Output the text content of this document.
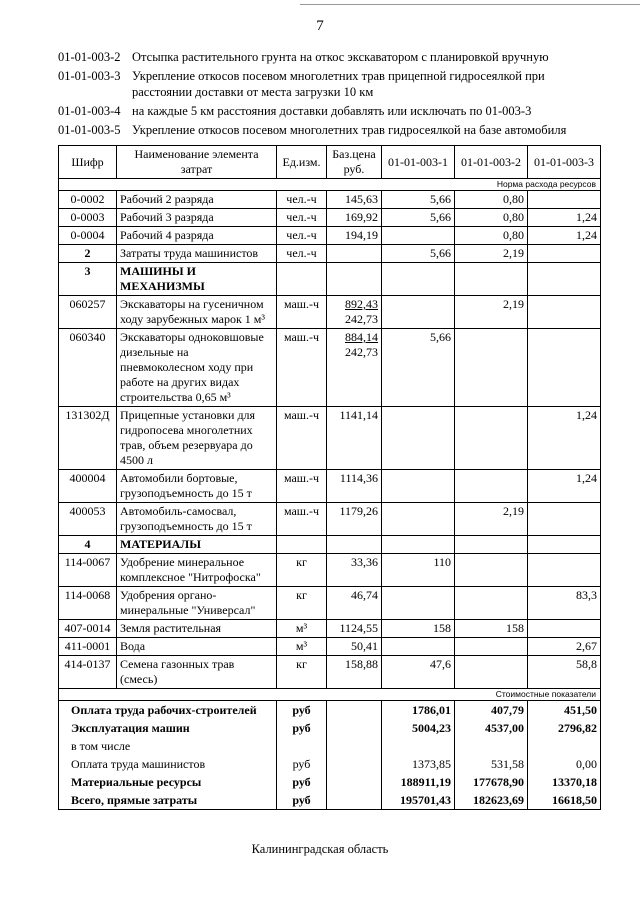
7
01-01-003-2 Отсыпка растительного грунта на откос экскаватором с планировкой вручную
01-01-003-3 Укрепление откосов посевом многолетних трав прицепной гидросеялкой при расстоянии доставки от места загрузки 10 км
01-01-003-4 на каждые 5 км расстояния доставки добавлять или исключать по 01-003-3
01-01-003-5 Укрепление откосов посевом многолетних трав гидросеялкой на базе автомобиля
Шифр	Наименование элемента затрат	Ед.изм.	Баз.цена руб.	01-01-003-1	01-01-003-2	01-01-003-3
Норма расхода ресурсов						
0-0002	Рабочий 2 разряда	чел.-ч	145,63	5,66	0,80	
0-0003	Рабочий 3 разряда	чел.-ч	169,92	5,66	0,80	1,24
0-0004	Рабочий 4 разряда	чел.-ч	194,19		0,80	1,24
2	Затраты труда машинистов	чел.-ч		5,66	2,19	
3	МАШИНЫ И МЕХАНИЗМЫ		

060257	Экскаваторы на гусеничном ходу зарубежных марок 1 м³	маш.-ч	892,43
242,73		2,19	
060340	Экскаваторы одноковшовые дизельные на пневмоколесном ходу при работе на других видах строительства 0,65 м³	маш.-ч	884,14
242,73	5,66		
131302Д	Прицепные установки для гидропосева многолетних трав, объем резервуара до 4500 л	маш.-ч	1141,14			1,24
400004	Автомобили бортовые, грузоподъемность до 15 т	маш.-ч	1114,36			1,24
400053	Автомобиль-самосвал, грузоподъемность до 15 т	маш.-ч	1179,26		2,19	
4	МАТЕРИАЛЫ		

114-0067	Удобрение минеральное комплексное "Нитрофоска"	кг	33,36	110		
114-0068	Удобрения органо-минеральные "Универсал"	кг	46,74			83,3
407-0014	Земля растительная	м³	1124,55	158	158	
411-0001	Вода	м³	50,41			2,67
414-0137	Семена газонных трав (смесь)	кг	158,88	47,6		58,8
Стоимостные показатели						
Оплата труда рабочих-строителей		руб		1786,01	407,79	451,50
Эксплуатация машин		руб		5004,23	4537,00	2796,82
в том числе						
Оплата труда машинистов		руб		1373,85	531,58	0,00
Материальные ресурсы		руб		188911,19	177678,90	13370,18
Всего, прямые затраты		руб		195701,43	182623,69	16618,50
Калининградская область
